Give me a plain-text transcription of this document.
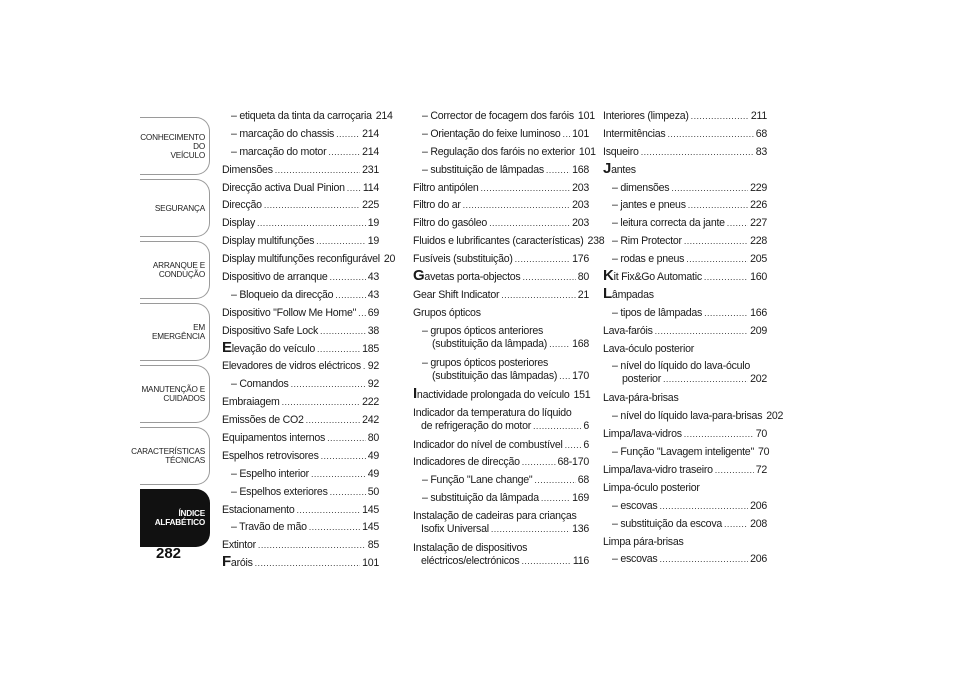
CONHECIMENTO DO
VEÍCULO
SEGURANÇA
ARRANQUE E
CONDUÇÃO
EM EMERGÊNCIA
MANUTENÇÃO E
CUIDADOS
CARACTERÍSTICAS
TÉCNICAS
ÍNDICE
ALFABÉTICO
282
– etiqueta da tinta da carroçaria 214
– marcação do chassis .....	214
– marcação do motor .....	214
Dimensões .....	231
Direcção activa Dual Pinion ..... 114
Direcção .....	225
Display .....	19
Display multifunções .....	19
Display multifunções reconfigurável 20
Dispositivo de arranque .....	43
– Bloqueio da direcção .....	43
Dispositivo "Follow Me Home" ..... 69
Dispositivo Safe Lock .....	38
E levação do veículo .....	185
Elevadores de vidros eléctricos ..... 92
– Comandos .....	92
Embraiagem .....	222
Emissões de CO2 .....	242
Equipamentos internos .....	80
Espelhos retrovisores .....	49
– Espelho interior .....	49
– Espelhos exteriores .....	50
Estacionamento .....	145
– Travão de mão .....	145
Extintor .....	85
F aróis .....	101
– Corrector de focagem dos faróis 101
– Orientação do feixe luminoso ..... 101
– Regulação dos faróis no exterior 101
– substituição de lâmpadas .....	168
Filtro antipólen .....	203
Filtro do ar .....	203
Filtro do gasóleo .....	203
Fluidos e lubrificantes (características) 238
Fusíveis (substituição) .....	176
G avetas porta-objectos .....	80
Gear Shift Indicator .....	21
Grupos ópticos
– grupos ópticos anteriores
(substituição da lâmpada) ..... 168
– grupos ópticos posteriores
(substituição das lâmpadas) ..... 170
I nactividade prolongada do veículo 151
Indicador da temperatura do líquido
de refrigeração do motor .....	6
Indicador do nível de combustível ..... 6
Indicadores de direcção .....	68-170
– Função "Lane change" .....	68
– substituição da lâmpada .....	169
Instalação de cadeiras para crianças
Isofix Universal .....	136
Instalação de dispositivos
eléctricos/electrónicos .....	116
Interiores (limpeza) .....	211
Intermitências .....	68
Isqueiro .....	83
J antes
– dimensões .....	229
– jantes e pneus .....	226
– leitura correcta da jante ..... 227
– Rim Protector .....	228
– rodas e pneus .....	205
K it Fix&Go Automatic .....	160
L âmpadas
– tipos de lâmpadas .....	166
Lava-faróis .....	209
Lava-óculo posterior
– nível do líquido do lava-óculo
posterior .....	202
Lava-pára-brisas
– nível do líquido lava-para-brisas 202
Limpa/lava-vidros .....	70
– Função "Lavagem inteligente" 70
Limpa/lava-vidro traseiro .....	72
Limpa-óculo posterior
– escovas .....	206
– substituição da escova .....	208
Limpa pára-brisas
– escovas .....	206
